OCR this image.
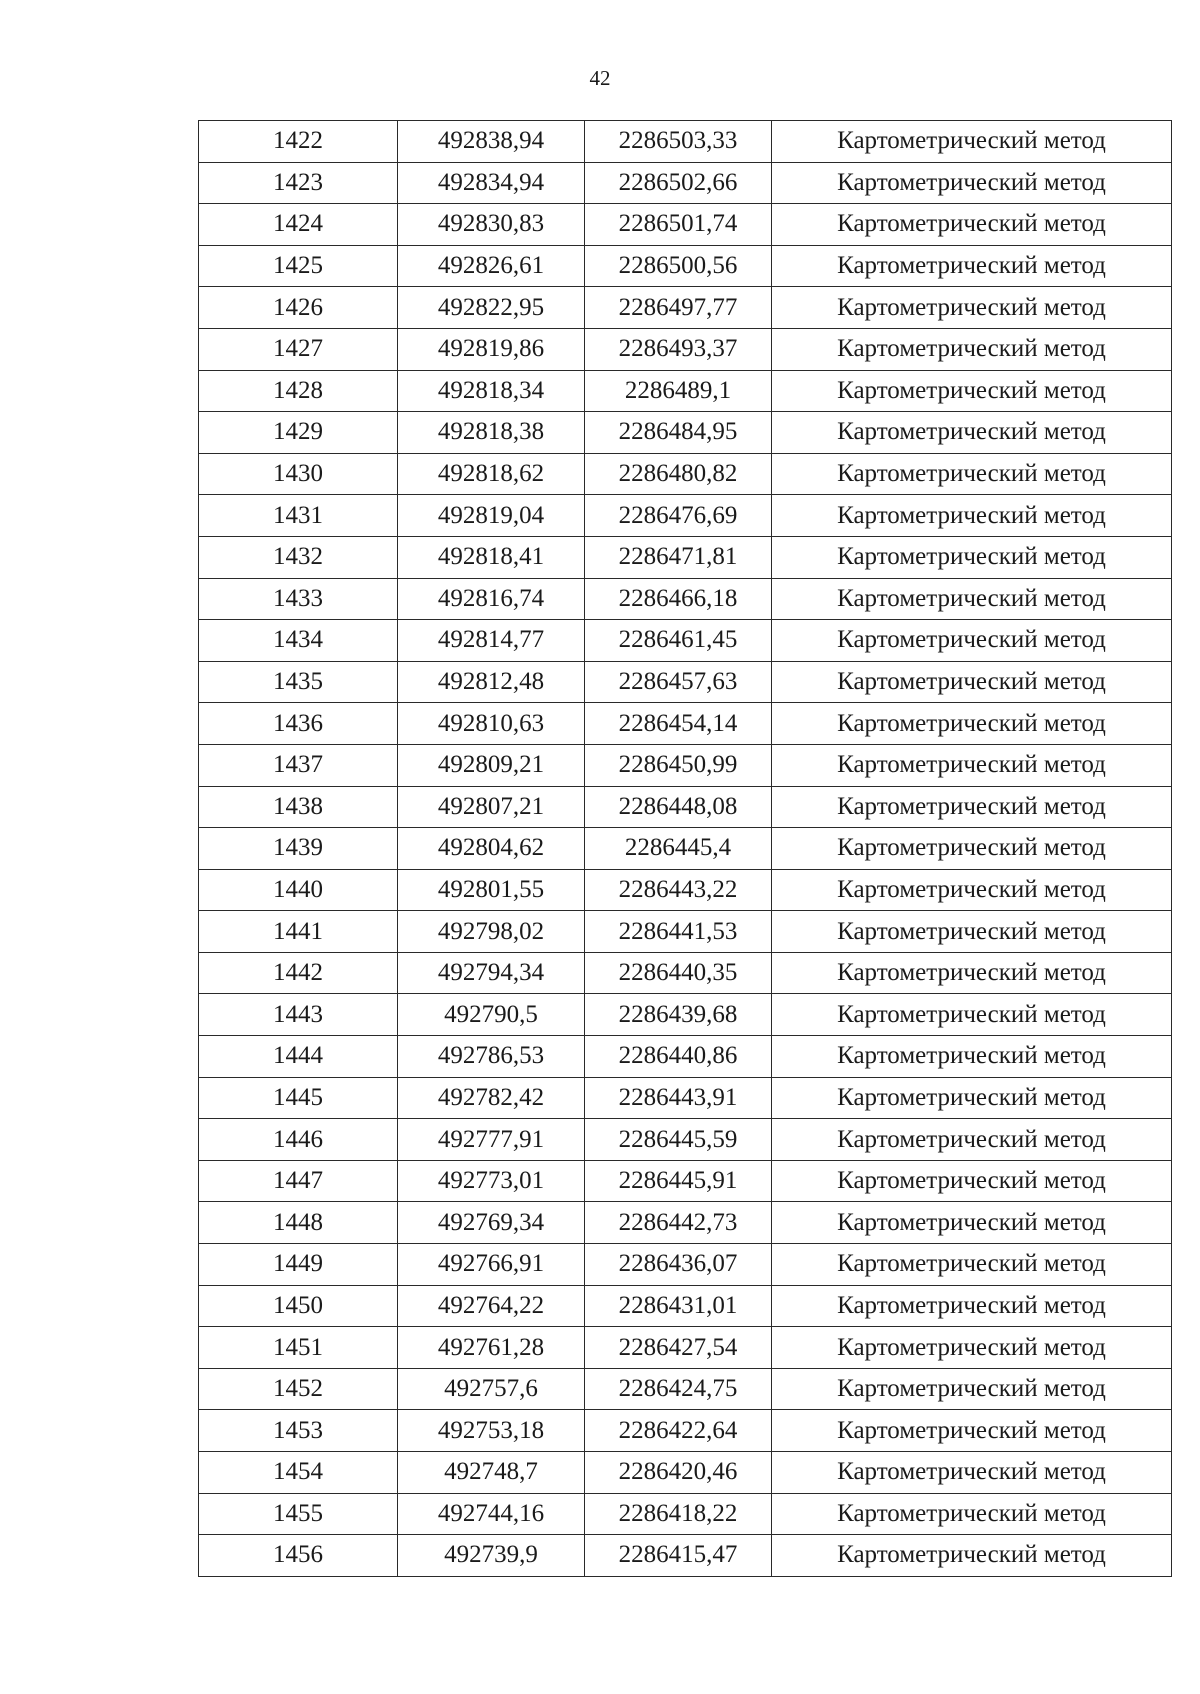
42
1422	492838,94	2286503,33	Картометрический метод
1423	492834,94	2286502,66	Картометрический метод
1424	492830,83	2286501,74	Картометрический метод
1425	492826,61	2286500,56	Картометрический метод
1426	492822,95	2286497,77	Картометрический метод
1427	492819,86	2286493,37	Картометрический метод
1428	492818,34	2286489,1	Картометрический метод
1429	492818,38	2286484,95	Картометрический метод
1430	492818,62	2286480,82	Картометрический метод
1431	492819,04	2286476,69	Картометрический метод
1432	492818,41	2286471,81	Картометрический метод
1433	492816,74	2286466,18	Картометрический метод
1434	492814,77	2286461,45	Картометрический метод
1435	492812,48	2286457,63	Картометрический метод
1436	492810,63	2286454,14	Картометрический метод
1437	492809,21	2286450,99	Картометрический метод
1438	492807,21	2286448,08	Картометрический метод
1439	492804,62	2286445,4	Картометрический метод
1440	492801,55	2286443,22	Картометрический метод
1441	492798,02	2286441,53	Картометрический метод
1442	492794,34	2286440,35	Картометрический метод
1443	492790,5	2286439,68	Картометрический метод
1444	492786,53	2286440,86	Картометрический метод
1445	492782,42	2286443,91	Картометрический метод
1446	492777,91	2286445,59	Картометрический метод
1447	492773,01	2286445,91	Картометрический метод
1448	492769,34	2286442,73	Картометрический метод
1449	492766,91	2286436,07	Картометрический метод
1450	492764,22	2286431,01	Картометрический метод
1451	492761,28	2286427,54	Картометрический метод
1452	492757,6	2286424,75	Картометрический метод
1453	492753,18	2286422,64	Картометрический метод
1454	492748,7	2286420,46	Картометрический метод
1455	492744,16	2286418,22	Картометрический метод
1456	492739,9	2286415,47	Картометрический метод
